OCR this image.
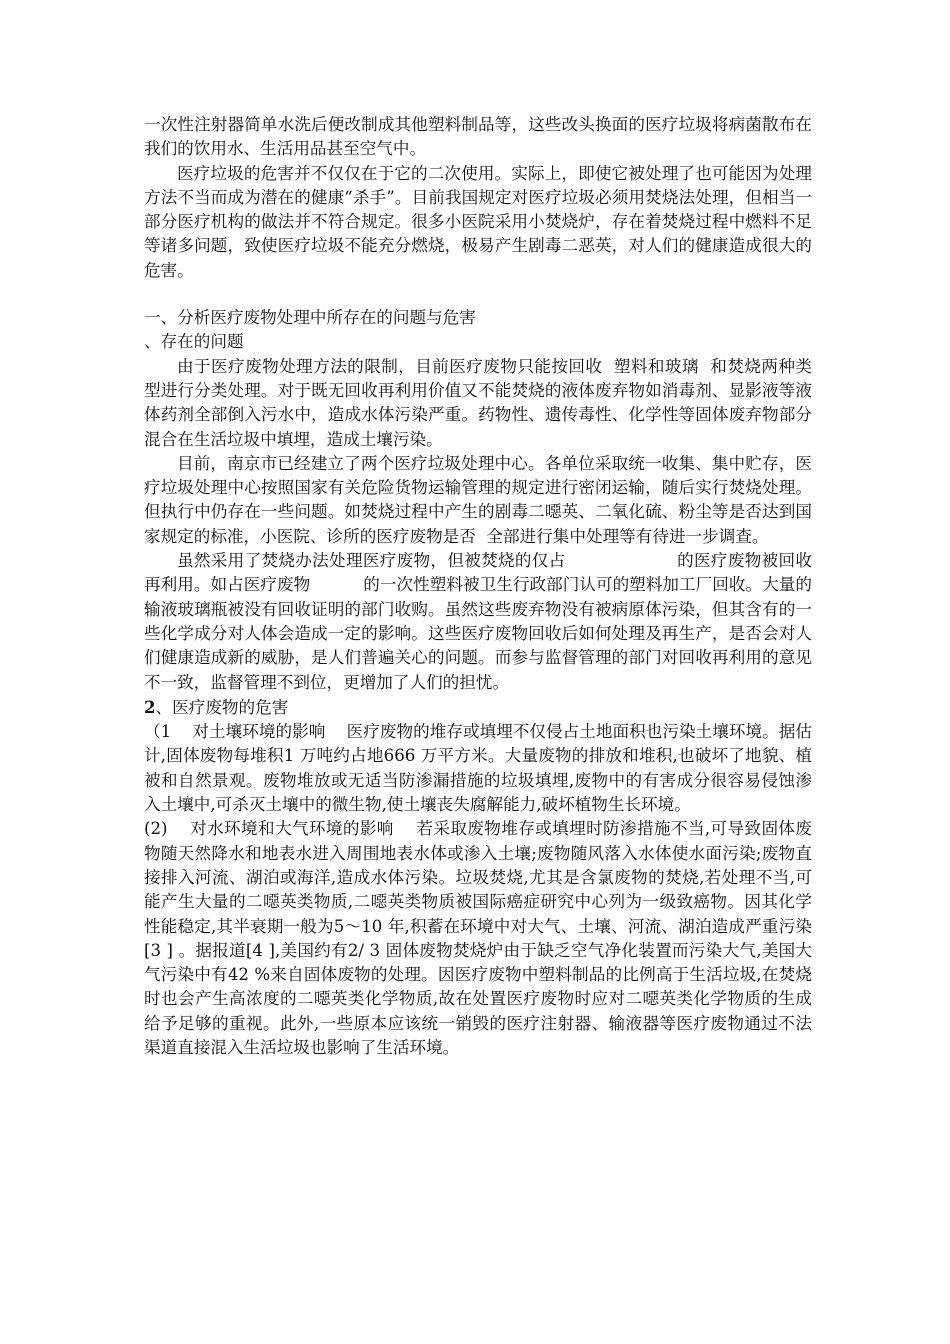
一次性注射器简单水洗后便改制成其他塑料制品等，这些改头换面的医疗垃圾将病菌散布在我们的饮用水、生活用品甚至空气中。

医疗垃圾的危害并不仅仅在于它的二次使用。实际上，即使它被处理了也可能因为处理方法不当而成为潜在的健康“杀手”。目前我国规定对医疗垃圾必须用焚烧法处理，但相当一部分医疗机构的做法并不符合规定。很多小医院采用小焚烧炉，存在着焚烧过程中燃料不足等诸多问题，致使医疗垃圾不能充分燃烧，极易产生剧毒二恶英，对人们的健康造成很大的危害。

一、分析医疗废物处理中所存在的问题与危害

、存在的问题

由于医疗废物处理方法的限制，目前医疗废物只能按回收  塑料和玻璃  和焚烧两种类型进行分类处理。对于既无回收再利用价值又不能焚烧的液体废弃物如消毒剂、显影液等液体药剂全部倒入污水中，造成水体污染严重。药物性、遗传毒性、化学性等固体废弃物部分混合在生活垃圾中填埋，造成土壤污染。

目前，南京市已经建立了两个医疗垃圾处理中心。各单位采取统一收集、集中贮存，医疗垃圾处理中心按照国家有关危险货物运输管理的规定进行密闭运输，随后实行焚烧处理。但执行中仍存在一些问题。如焚烧过程中产生的剧毒二噁英、二氧化硫、粉尘等是否达到国家规定的标准，小医院、诊所的医疗废物是否  全部进行集中处理等有待进一步调查。

虽然采用了焚烧办法处理医疗废物，但被焚烧的仅占                    的医疗废物被回收再利用。如占医疗废物          的一次性塑料被卫生行政部门认可的塑料加工厂回收。大量的输液玻璃瓶被没有回收证明的部门收购。虽然这些废弃物没有被病原体污染，但其含有的一些化学成分对人体会造成一定的影响。这些医疗废物回收后如何处理及再生产，是否会对人们健康造成新的威胁，是人们普遍关心的问题。而参与监督管理的部门对回收再利用的意见不一致，监督管理不到位，更增加了人们的担忧。

2、医疗废物的危害

（1    对土壤环境的影响    医疗废物的堆存或填埋不仅侵占土地面积也污染土壤环境。据估计,固体废物每堆积1 万吨约占地666 万平方米。大量废物的排放和堆积,也破坏了地貌、植被和自然景观。废物堆放或无适当防渗漏措施的垃圾填埋,废物中的有害成分很容易侵蚀渗入土壤中,可杀灭土壤中的微生物,使土壤丧失腐解能力,破坏植物生长环境。

(2)    对水环境和大气环境的影响    若采取废物堆存或填埋时防渗措施不当,可导致固体废物随天然降水和地表水进入周围地表水体或渗入土壤;废物随风落入水体使水面污染;废物直接排入河流、湖泊或海洋,造成水体污染。垃圾焚烧,尤其是含氯废物的焚烧,若处理不当,可能产生大量的二噁英类物质,二噁英类物质被国际癌症研究中心列为一级致癌物。因其化学性能稳定,其半衰期一般为5～10 年,积蓄在环境中对大气、土壤、河流、湖泊造成严重污染[3 ] 。据报道[4 ],美国约有2/ 3 固体废物焚烧炉由于缺乏空气净化装置而污染大气,美国大气污染中有42 %来自固体废物的处理。因医疗废物中塑料制品的比例高于生活垃圾,在焚烧时也会产生高浓度的二噁英类化学物质,故在处置医疗废物时应对二噁英类化学物质的生成给予足够的重视。此外,一些原本应该统一销毁的医疗注射器、输液器等医疗废物通过不法渠道直接混入生活垃圾也影响了生活环境。
